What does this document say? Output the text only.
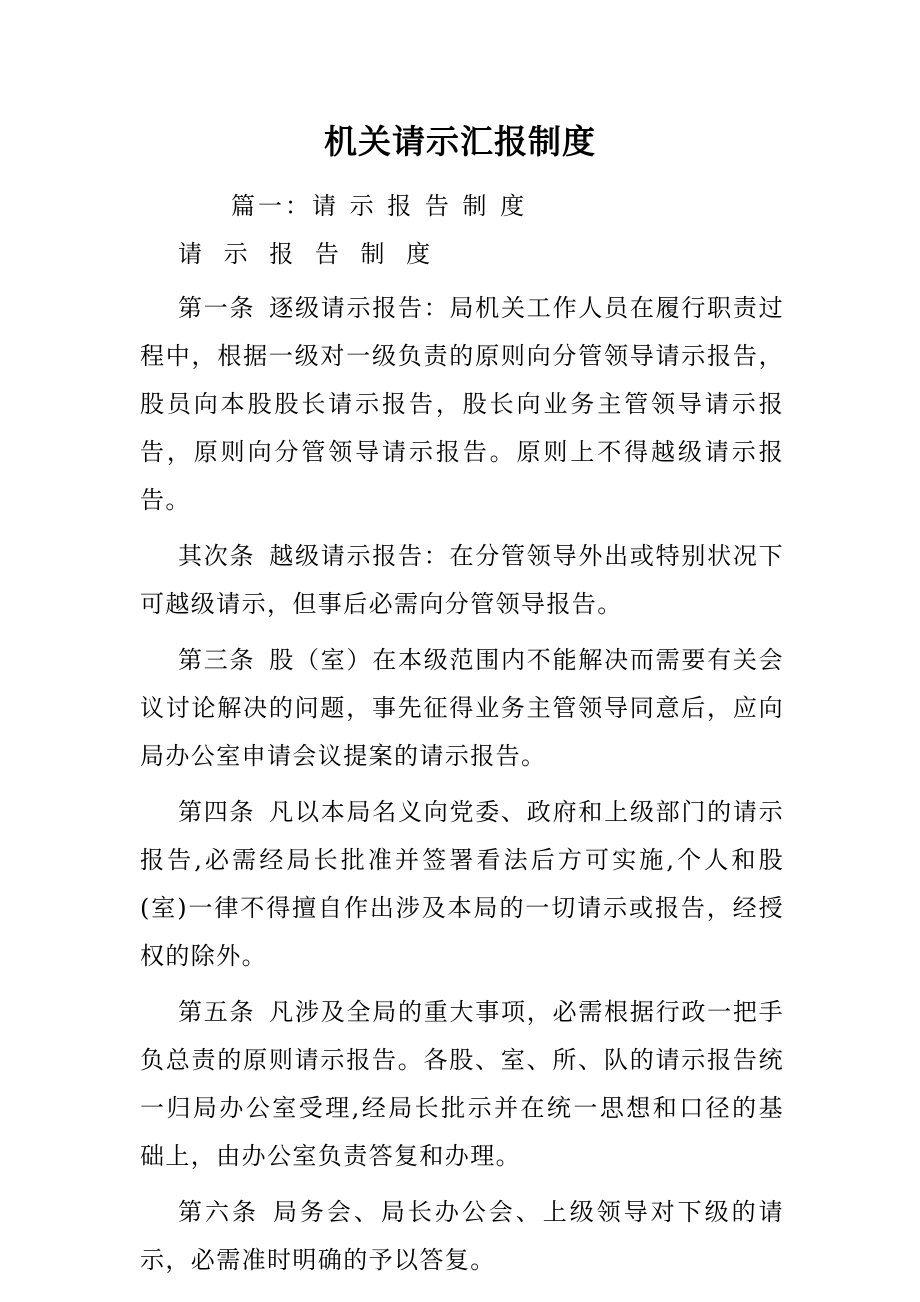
机关请示汇报制度
篇一：请 示 报 告 制 度
请 示 报 告 制 度

第一条 逐级请示报告：局机关工作人员在履行职责过程中，根据一级对一级负责的原则向分管领导请示报告，股员向本股股长请示报告，股长向业务主管领导请示报告，原则向分管领导请示报告。原则上不得越级请示报告。

其次条 越级请示报告：在分管领导外出或特别状况下可越级请示，但事后必需向分管领导报告。

第三条 股（室）在本级范围内不能解决而需要有关会议讨论解决的问题，事先征得业务主管领导同意后，应向局办公室申请会议提案的请示报告。

第四条 凡以本局名义向党委、政府和上级部门的请示报告,必需经局长批准并签署看法后方可实施,个人和股(室)一律不得擅自作出涉及本局的一切请示或报告，经授权的除外。

第五条 凡涉及全局的重大事项，必需根据行政一把手负总责的原则请示报告。各股、室、所、队的请示报告统一归局办公室受理,经局长批示并在统一思想和口径的基础上，由办公室负责答复和办理。

第六条 局务会、局长办公会、上级领导对下级的请示，必需准时明确的予以答复。
